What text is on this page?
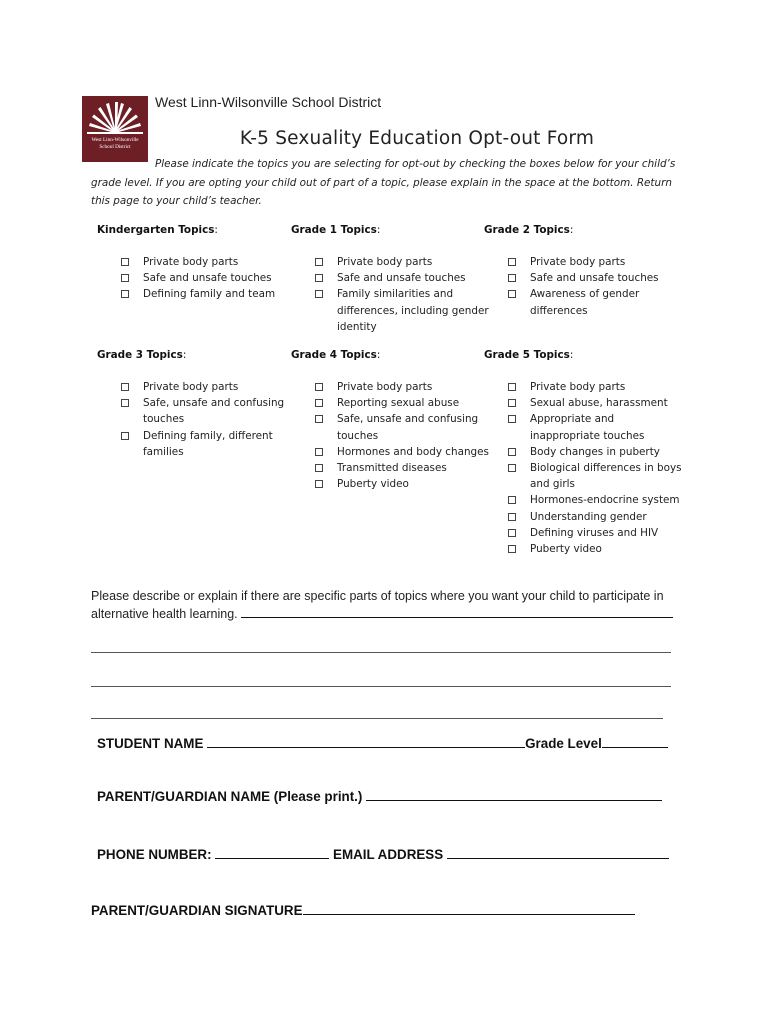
West Linn-Wilsonville
School District
West Linn-Wilsonville School District
K-5 Sexuality Education Opt-out Form
Please indicate the topics you are selecting for opt-out by checking the boxes below for your child’s grade level. If you are opting your child out of part of a topic, please explain in the space at the bottom. Return this page to your child’s teacher.
Kindergarten Topics:
Private body parts
Safe and unsafe touches
Defining family and team
Grade 1 Topics:
Private body parts
Safe and unsafe touches
Family similarities and differences, including gender identity
Grade 2 Topics:
Private body parts
Safe and unsafe touches
Awareness of gender differences
Grade 3 Topics:
Private body parts
Safe, unsafe and confusing touches
Defining family, different families
Grade 4 Topics:
Private body parts
Reporting sexual abuse
Safe, unsafe and confusing touches
Hormones and body changes
Transmitted diseases
Puberty video
Grade 5 Topics:
Private body parts
Sexual abuse, harassment
Appropriate and inappropriate touches
Body changes in puberty
Biological differences in boys and girls
Hormones-endocrine system
Understanding gender
Defining viruses and HIV
Puberty video
Please describe or explain if there are specific parts of topics where you want your child to participate in alternative health learning.
STUDENT NAME	Grade Level
PARENT/GUARDIAN NAME (Please print.)
PHONE NUMBER:	EMAIL ADDRESS
PARENT/GUARDIAN SIGNATURE
